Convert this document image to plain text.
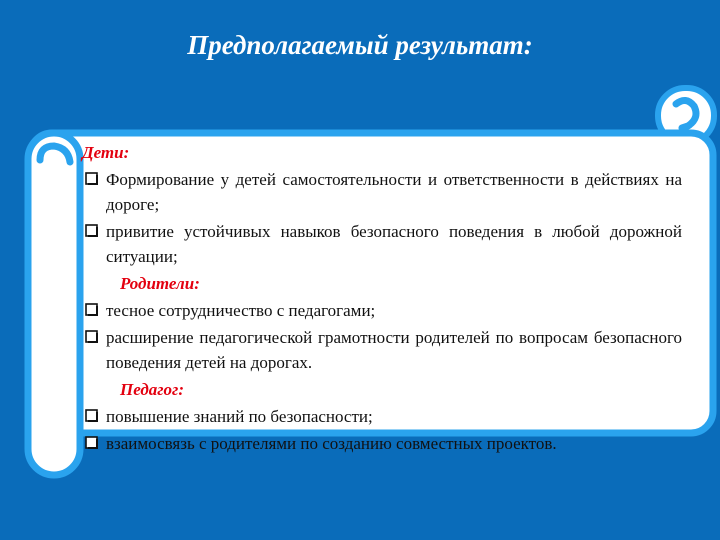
Предполагаемый результат:

Дети:

Формирование у детей самостоятельности и ответственности в действиях на дороге;
привитие устойчивых навыков безопасного поведения в любой дорожной ситуации;

Родители:

тесное сотрудничество с педагогами;
расширение педагогической грамотности родителей по вопросам безопасного поведения детей на дорогах.

Педагог:

повышение знаний по безопасности;
взаимосвязь с родителями по созданию совместных проектов.
